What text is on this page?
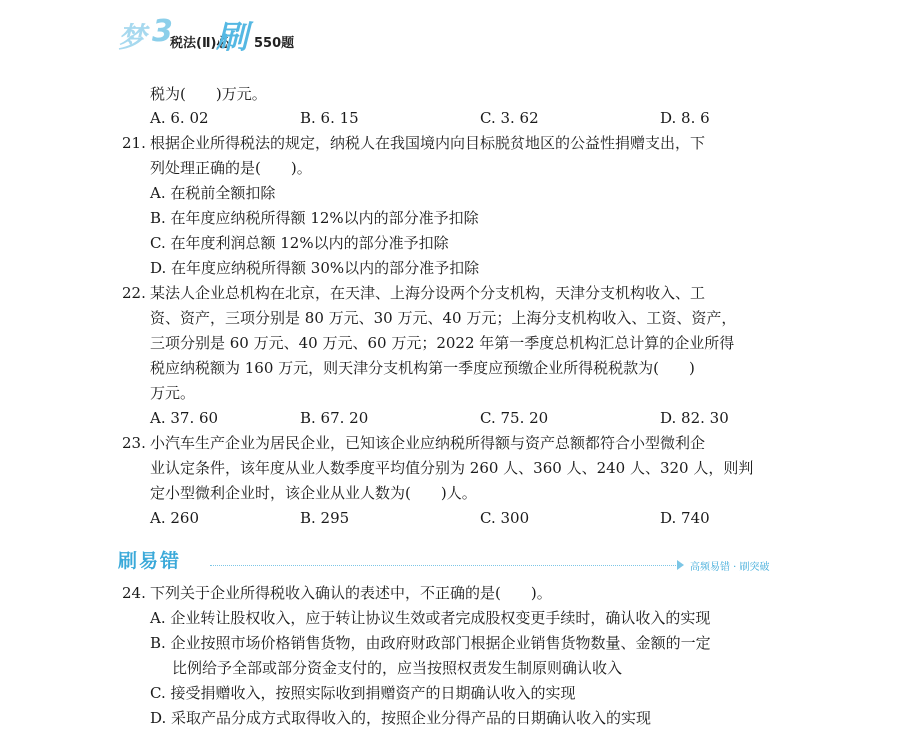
梦 3
税法(Ⅱ)必
刷 550题
税为(　　)万元。
A. 6. 02	B. 6. 15	C. 3. 62	D. 8. 6
21. 根据企业所得税法的规定，纳税人在我国境内向目标脱贫地区的公益性捐赠支出，下
列处理正确的是(　　)。
A. 在税前全额扣除
B. 在年度应纳税所得额 12%以内的部分准予扣除
C. 在年度利润总额 12%以内的部分准予扣除
D. 在年度应纳税所得额 30%以内的部分准予扣除
22. 某法人企业总机构在北京，在天津、上海分设两个分支机构，天津分支机构收入、工
资、资产，三项分别是 80 万元、30 万元、40 万元；上海分支机构收入、工资、资产，
三项分别是 60 万元、40 万元、60 万元；2022 年第一季度总机构汇总计算的企业所得
税应纳税额为 160 万元，则天津分支机构第一季度应预缴企业所得税税款为(　　)
万元。
A. 37. 60	B. 67. 20	C. 75. 20	D. 82. 30
23. 小汽车生产企业为居民企业，已知该企业应纳税所得额与资产总额都符合小型微利企
业认定条件，该年度从业人数季度平均值分别为 260 人、360 人、240 人、320 人，则判
定小型微利企业时，该企业从业人数为(　　)人。
A. 260	B. 295	C. 300	D. 740
刷易错	高频易错 · 刷突破
24. 下列关于企业所得税收入确认的表述中，不正确的是(　　)。
A. 企业转让股权收入，应于转让协议生效或者完成股权变更手续时，确认收入的实现
B. 企业按照市场价格销售货物，由政府财政部门根据企业销售货物数量、金额的一定
比例给予全部或部分资金支付的，应当按照权责发生制原则确认收入
C. 接受捐赠收入，按照实际收到捐赠资产的日期确认收入的实现
D. 采取产品分成方式取得收入的，按照企业分得产品的日期确认收入的实现
